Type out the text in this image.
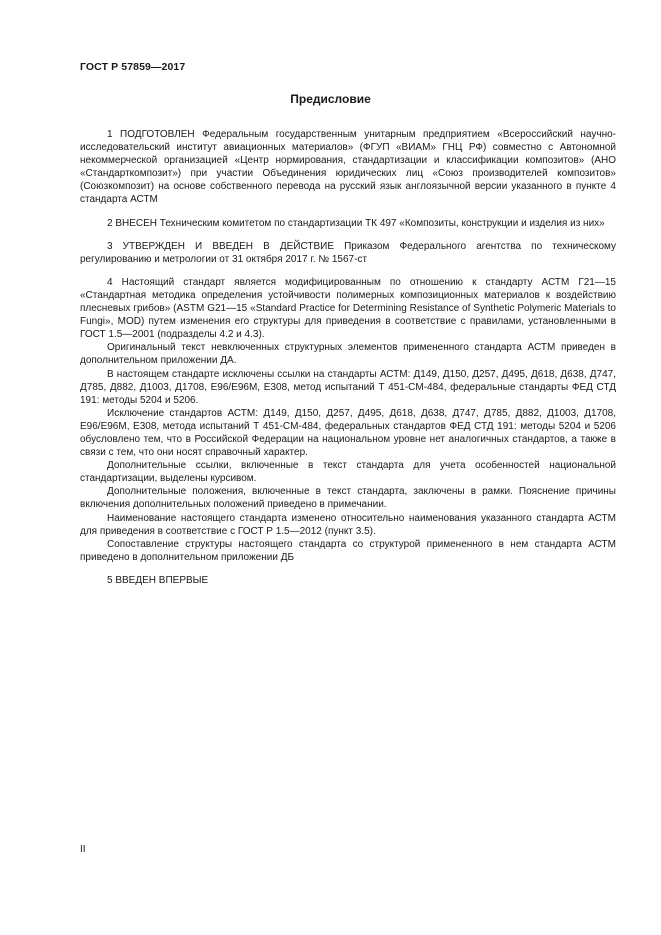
ГОСТ Р 57859—2017
Предисловие

1 ПОДГОТОВЛЕН Федеральным государственным унитарным предприятием «Всероссийский научно-исследовательский институт авиационных материалов» (ФГУП «ВИАМ» ГНЦ РФ) совместно с Автономной некоммерческой организацией «Центр нормирования, стандартизации и классификации композитов» (АНО «Стандарткомпозит») при участии Объединения юридических лиц «Союз производителей композитов» (Союзкомпозит) на основе собственного перевода на русский язык англоязычной версии указанного в пункте 4 стандарта АСТМ

2 ВНЕСЕН Техническим комитетом по стандартизации ТК 497 «Композиты, конструкции и изделия из них»

3 УТВЕРЖДЕН И ВВЕДЕН В ДЕЙСТВИЕ Приказом Федерального агентства по техническому регулированию и метрологии от 31 октября 2017 г. № 1567-ст

4 Настоящий стандарт является модифицированным по отношению к стандарту АСТМ Г21—15 «Стандартная методика определения устойчивости полимерных композиционных материалов к воздействию плесневых грибов» (ASTM G21—15 «Standard Practice for Determining Resistance of Synthetic Polymeric Materials to Fungi», MOD) путем изменения его структуры для приведения в соответствие с правилами, установленными в ГОСТ 1.5—2001 (подразделы 4.2 и 4.3).

Оригинальный текст невключенных структурных элементов примененного стандарта АСТМ приведен в дополнительном приложении ДА.

В настоящем стандарте исключены ссылки на стандарты АСТМ: Д149, Д150, Д257, Д495, Д618, Д638, Д747, Д785, Д882, Д1003, Д1708, E96/E96M, E308, метод испытаний Т 451-CM-484, федеральные стандарты ФЕД СТД 191: методы 5204 и 5206.

Исключение стандартов АСТМ: Д149, Д150, Д257, Д495, Д618, Д638, Д747, Д785, Д882, Д1003, Д1708, E96/E96M, E308, метода испытаний Т 451-CM-484, федеральных стандартов ФЕД СТД 191: методы 5204 и 5206 обусловлено тем, что в Российской Федерации на национальном уровне нет аналогичных стандартов, а также в связи с тем, что они носят справочный характер.

Дополнительные ссылки, включенные в текст стандарта для учета особенностей национальной стандартизации, выделены курсивом.

Дополнительные положения, включенные в текст стандарта, заключены в рамки. Пояснение причины включения дополнительных положений приведено в примечании.

Наименование настоящего стандарта изменено относительно наименования указанного стандарта АСТМ для приведения в соответствие с ГОСТ Р 1.5—2012 (пункт 3.5).

Сопоставление структуры настоящего стандарта со структурой примененного в нем стандарта АСТМ приведено в дополнительном приложении ДБ

5 ВВЕДЕН ВПЕРВЫЕ

II
